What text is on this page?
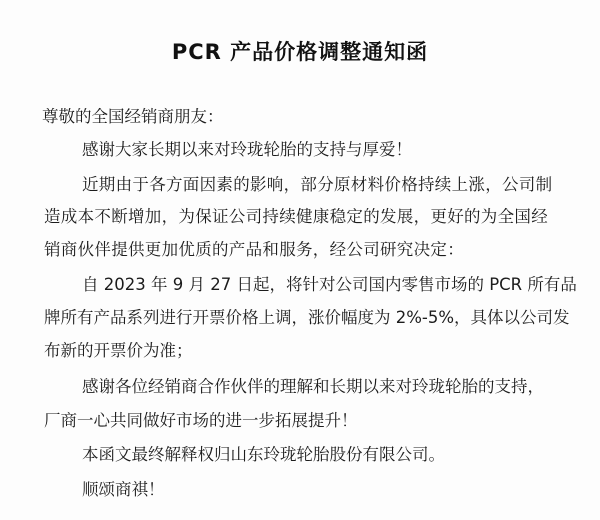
PCR 产品价格调整通知函
尊敬的全国经销商朋友：
感谢大家长期以来对玲珑轮胎的支持与厚爱！
近期由于各方面因素的影响，部分原材料价格持续上涨，公司制
造成本不断增加，为保证公司持续健康稳定的发展，更好的为全国经
销商伙伴提供更加优质的产品和服务，经公司研究决定：
自 2023 年 9 月 27 日起，将针对公司国内零售市场的 PCR 所有品
牌所有产品系列进行开票价格上调，涨价幅度为 2%-5%，具体以公司发
布新的开票价为准；
感谢各位经销商合作伙伴的理解和长期以来对玲珑轮胎的支持，
厂商一心共同做好市场的进一步拓展提升！
本函文最终解释权归山东玲珑轮胎股份有限公司。
顺颂商祺！
